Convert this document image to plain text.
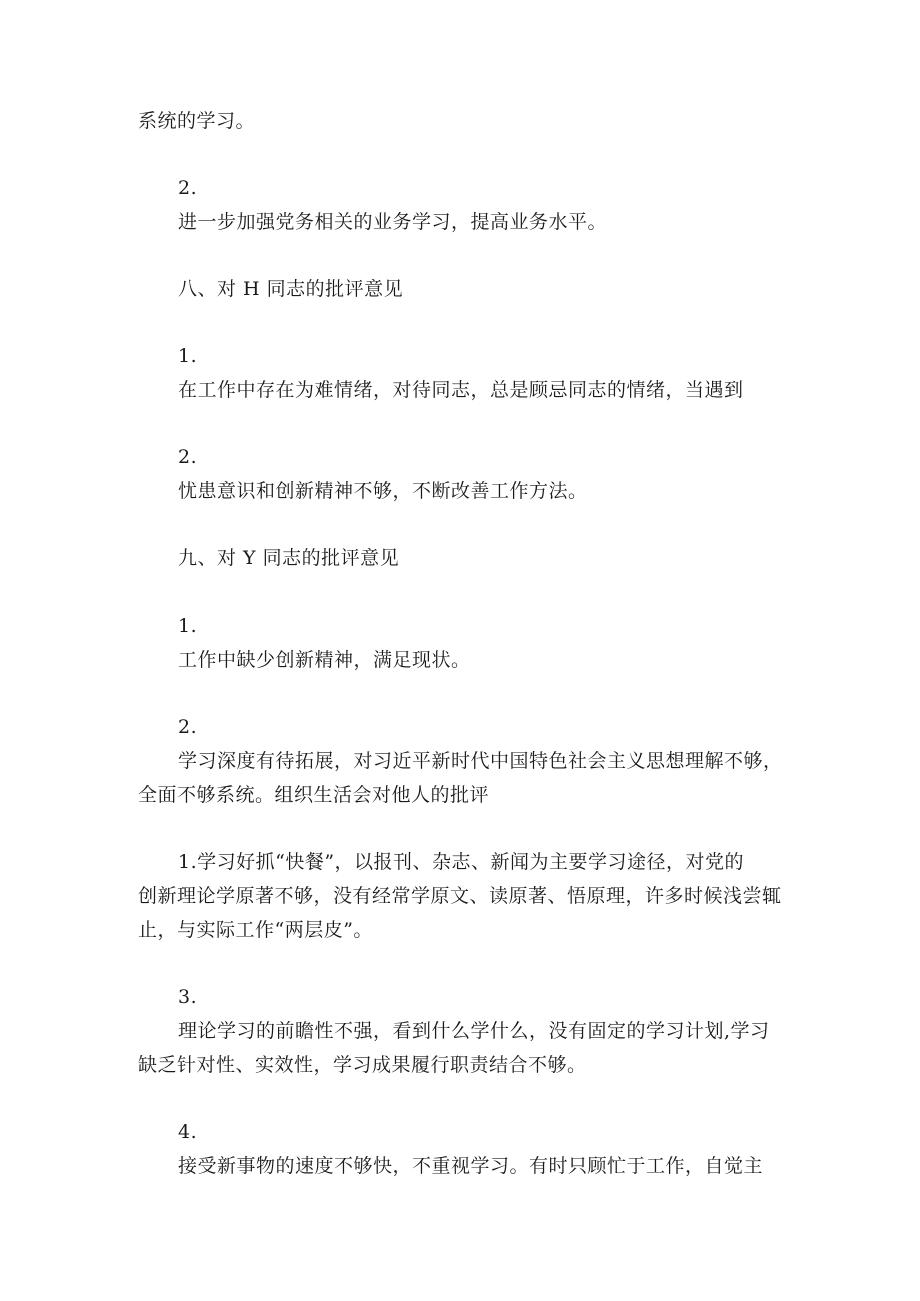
系统的学习。

2.

进一步加强党务相关的业务学习，提高业务水平。

八、对 H 同志的批评意见

1.

在工作中存在为难情绪，对待同志，总是顾忌同志的情绪，当遇到

2.

忧患意识和创新精神不够，不断改善工作方法。

九、对 Y 同志的批评意见

1.

工作中缺少创新精神，满足现状。

2.

学习深度有待拓展，对习近平新时代中国特色社会主义思想理解不够，

全面不够系统。组织生活会对他人的批评

1.学习好抓“快餐”，以报刊、杂志、新闻为主要学习途径，对党的

创新理论学原著不够，没有经常学原文、读原著、悟原理，许多时候浅尝辄

止，与实际工作“两层皮”。

3.

理论学习的前瞻性不强，看到什么学什么，没有固定的学习计划,学习

缺乏针对性、实效性，学习成果履行职责结合不够。

4.

接受新事物的速度不够快，不重视学习。有时只顾忙于工作，自觉主
